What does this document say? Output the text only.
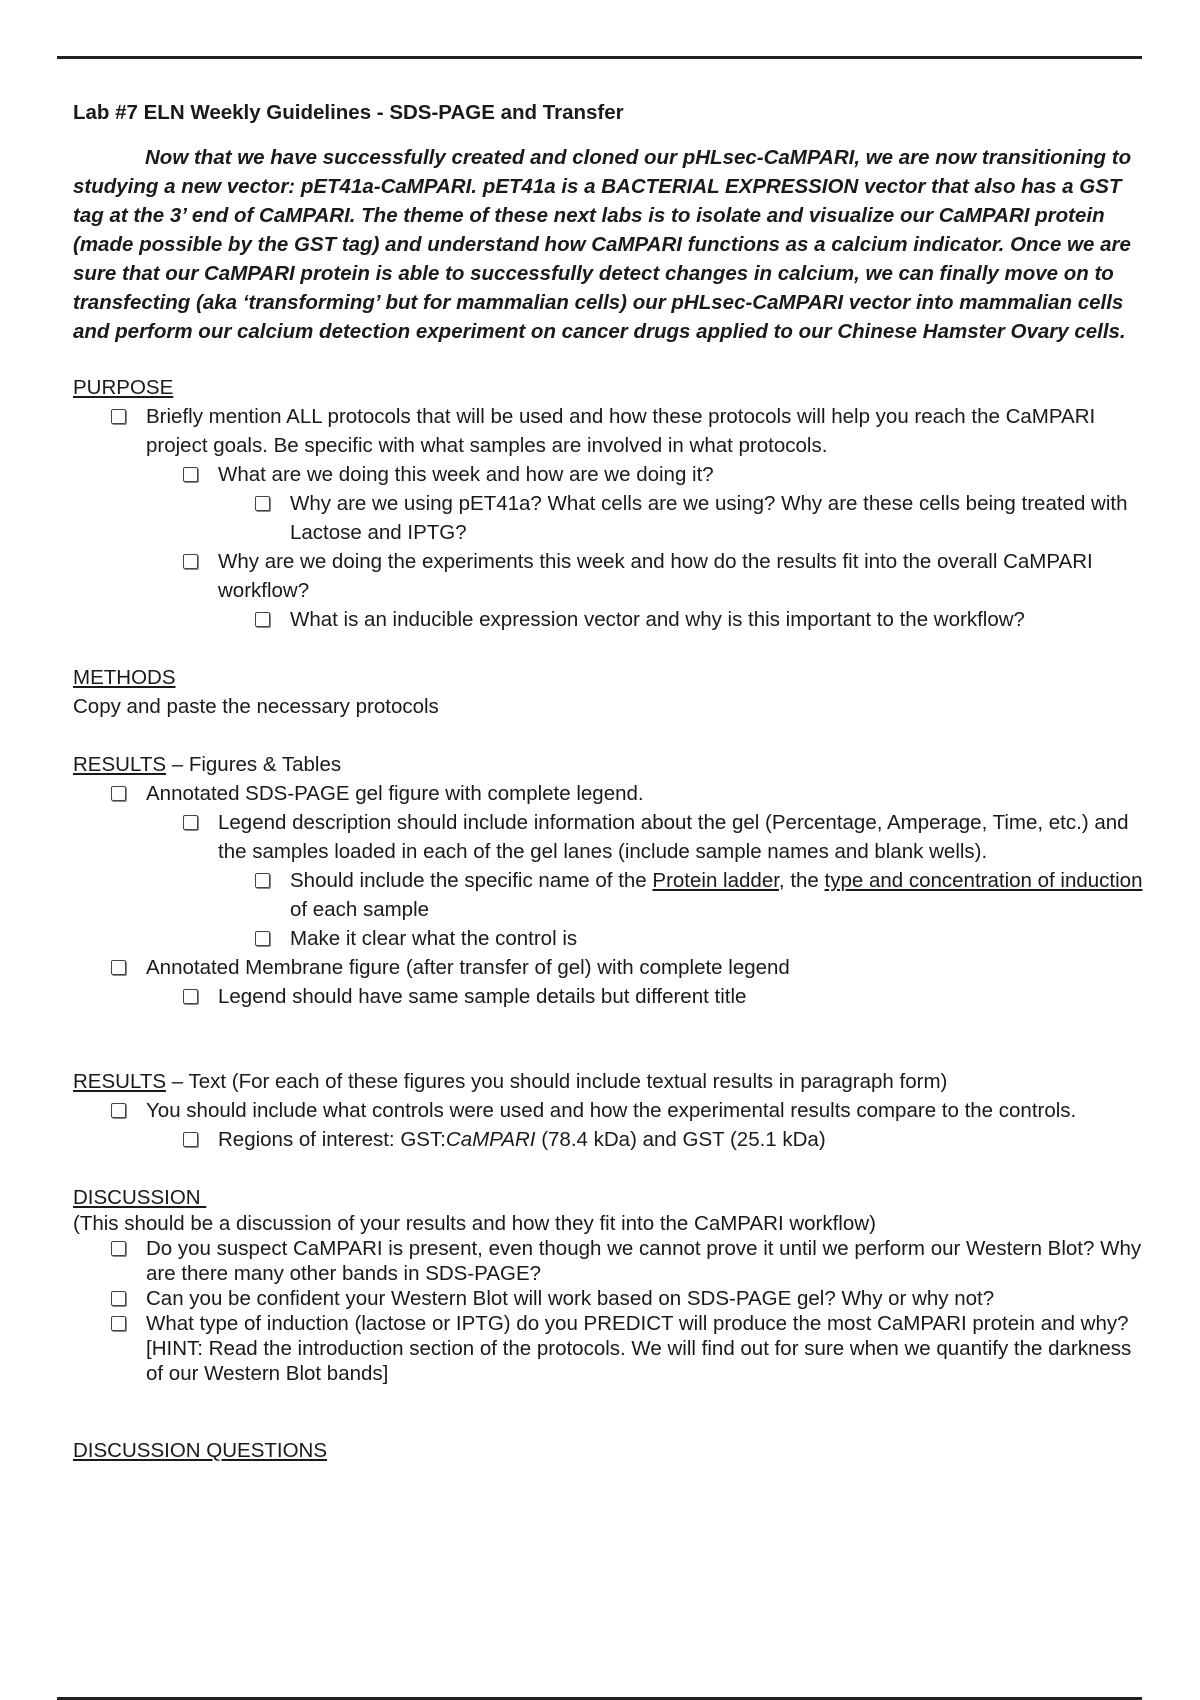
Lab #7 ELN Weekly Guidelines - SDS-PAGE and Transfer

Now that we have successfully created and cloned our pHLsec-CaMPARI, we are now transitioning to studying a new vector: pET41a-CaMPARI. pET41a is a BACTERIAL EXPRESSION vector that also has a GST tag at the 3’ end of CaMPARI. The theme of these next labs is to isolate and visualize our CaMPARI protein (made possible by the GST tag) and understand how CaMPARI functions as a calcium indicator. Once we are sure that our CaMPARI protein is able to successfully detect changes in calcium, we can finally move on to transfecting (aka ‘transforming’ but for mammalian cells) our pHLsec-CaMPARI vector into mammalian cells and perform our calcium detection experiment on cancer drugs applied to our Chinese Hamster Ovary cells.

PURPOSE

Briefly mention ALL protocols that will be used and how these protocols will help you reach the CaMPARI project goals. Be specific with what samples are involved in what protocols.
What are we doing this week and how are we doing it?
Why are we using pET41a? What cells are we using? Why are these cells being treated with Lactose and IPTG?
Why are we doing the experiments this week and how do the results fit into the overall CaMPARI workflow?
What is an inducible expression vector and why is this important to the workflow?

METHODS

Copy and paste the necessary protocols

RESULTS – Figures & Tables

Annotated SDS-PAGE gel figure with complete legend.
Legend description should include information about the gel (Percentage, Amperage, Time, etc.) and the samples loaded in each of the gel lanes (include sample names and blank wells).
Should include the specific name of the Protein ladder, the type and concentration of induction of each sample
Make it clear what the control is
Annotated Membrane figure (after transfer of gel) with complete legend
Legend should have same sample details but different title

RESULTS – Text (For each of these figures you should include textual results in paragraph form)

You should include what controls were used and how the experimental results compare to the controls.
Regions of interest: GST:CaMPARI (78.4 kDa) and GST (25.1 kDa)

DISCUSSION

(This should be a discussion of your results and how they fit into the CaMPARI workflow)

Do you suspect CaMPARI is present, even though we cannot prove it until we perform our Western Blot? Why are there many other bands in SDS-PAGE?
Can you be confident your Western Blot will work based on SDS-PAGE gel? Why or why not?
What type of induction (lactose or IPTG) do you PREDICT will produce the most CaMPARI protein and why? [HINT: Read the introduction section of the protocols. We will find out for sure when we quantify the darkness of our Western Blot bands]

DISCUSSION QUESTIONS
